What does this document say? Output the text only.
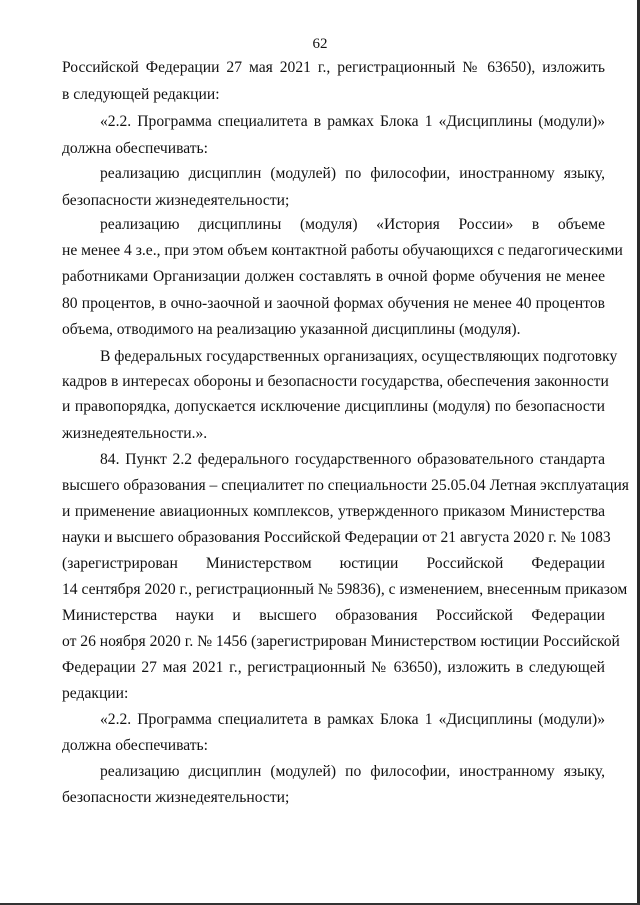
62
Российской Федерации 27 мая 2021 г., регистрационный № 63650), изложить
в следующей редакции:
«2.2. Программа специалитета в рамках Блока 1 «Дисциплины (модули)»
должна обеспечивать:
реализацию дисциплин (модулей) по философии, иностранному языку,
безопасности жизнедеятельности;
реализацию дисциплины (модуля) «История России» в объеме
не менее 4 з.е., при этом объем контактной работы обучающихся с педагогическими
работниками Организации должен составлять в очной форме обучения не менее
80 процентов, в очно-заочной и заочной формах обучения не менее 40 процентов
объема, отводимого на реализацию указанной дисциплины (модуля).
В федеральных государственных организациях, осуществляющих подготовку
кадров в интересах обороны и безопасности государства, обеспечения законности
и правопорядка, допускается исключение дисциплины (модуля) по безопасности
жизнедеятельности.».
84. Пункт 2.2 федерального государственного образовательного стандарта
высшего образования – специалитет по специальности 25.05.04 Летная эксплуатация
и применение авиационных комплексов, утвержденного приказом Министерства
науки и высшего образования Российской Федерации от 21 августа 2020 г. № 1083
(зарегистрирован Министерством юстиции Российской Федерации
14 сентября 2020 г., регистрационный № 59836), с изменением, внесенным приказом
Министерства науки и высшего образования Российской Федерации
от 26 ноября 2020 г. № 1456 (зарегистрирован Министерством юстиции Российской
Федерации 27 мая 2021 г., регистрационный № 63650), изложить в следующей
редакции:
«2.2. Программа специалитета в рамках Блока 1 «Дисциплины (модули)»
должна обеспечивать:
реализацию дисциплин (модулей) по философии, иностранному языку,
безопасности жизнедеятельности;
